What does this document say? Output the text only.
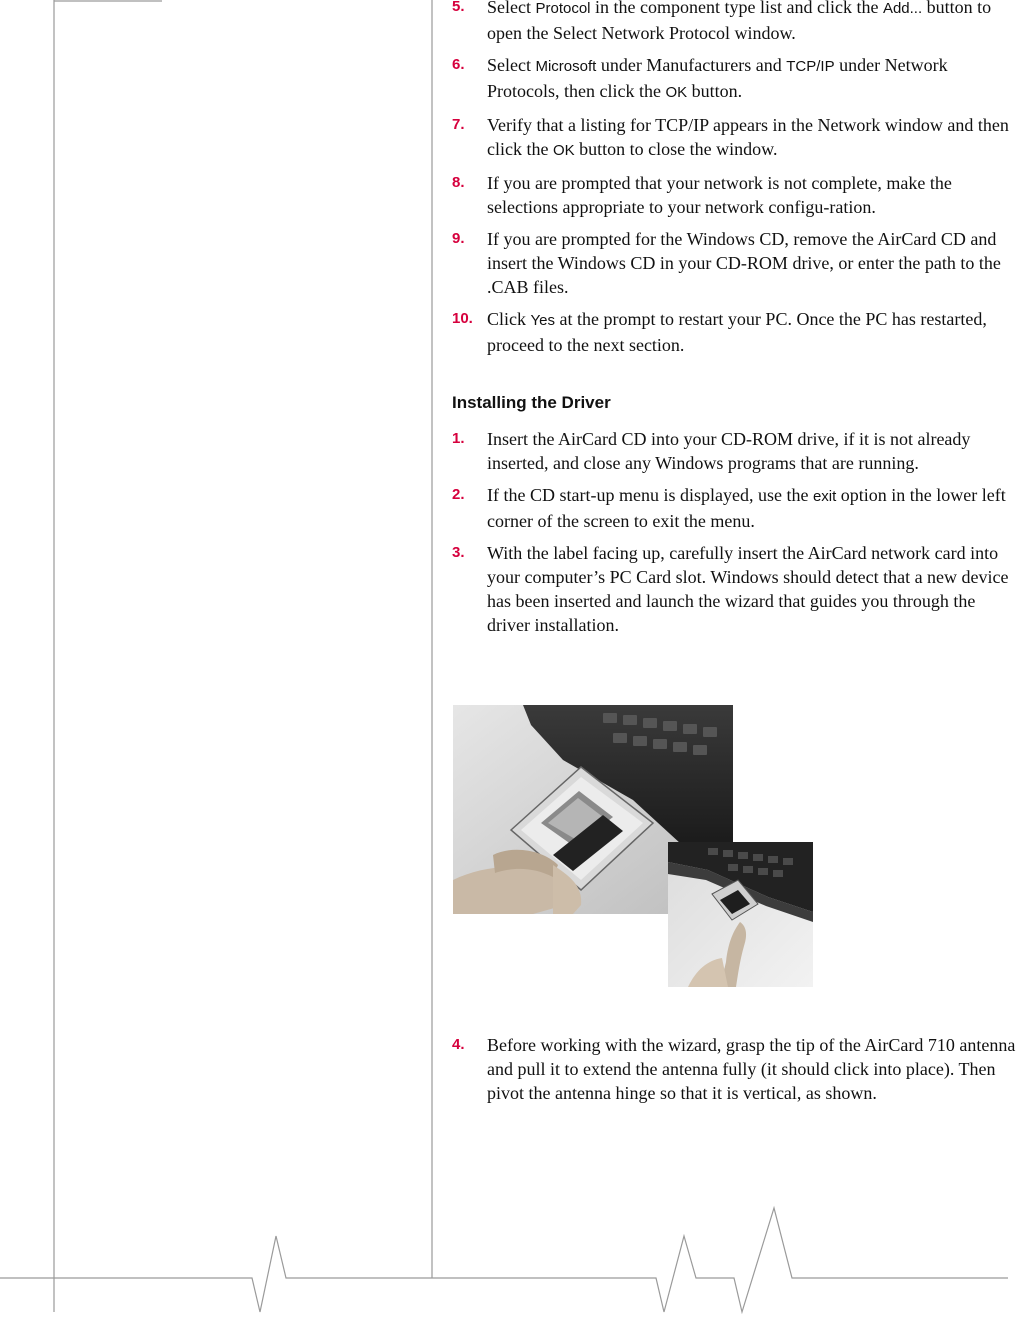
5. Select Protocol in the component type list and click the Add... button to open the Select Network Protocol window.
6. Select Microsoft under Manufacturers and TCP/IP under Network Protocols, then click the OK button.
7. Verify that a listing for TCP/IP appears in the Network window and then click the OK button to close the window.
8. If you are prompted that your network is not complete, make the selections appropriate to your network configu-ration.
9. If you are prompted for the Windows CD, remove the AirCard CD and insert the Windows CD in your CD-ROM drive, or enter the path to the .CAB files.
10. Click Yes at the prompt to restart your PC. Once the PC has restarted, proceed to the next section.
Installing the Driver
1. Insert the AirCard CD into your CD-ROM drive, if it is not already inserted, and close any Windows programs that are running.
2. If the CD start-up menu is displayed, use the exit option in the lower left corner of the screen to exit the menu.
3. With the label facing up, carefully insert the AirCard network card into your computer’s PC Card slot. Windows should detect that a new device has been inserted and launch the wizard that guides you through the driver installation.
4. Before working with the wizard, grasp the tip of the AirCard 710 antenna and pull it to extend the antenna fully (it should click into place). Then pivot the antenna hinge so that it is vertical, as shown.
